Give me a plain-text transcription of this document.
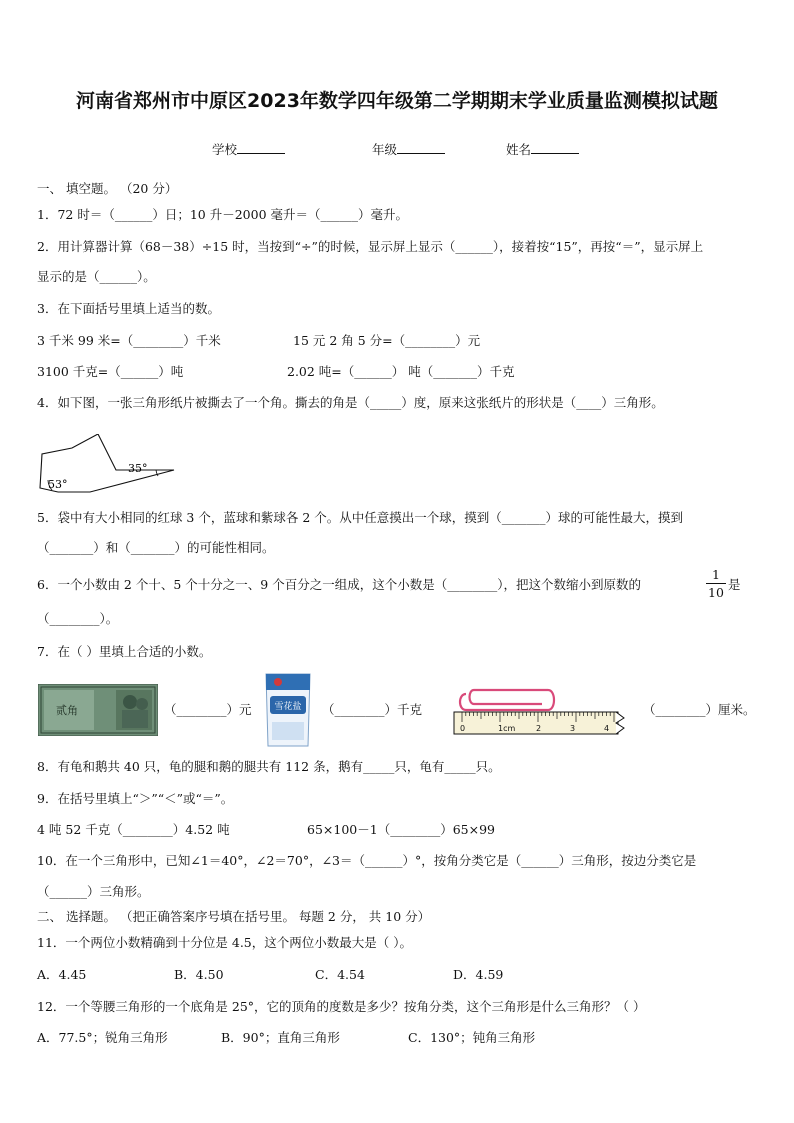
河南省郑州市中原区2023年数学四年级第二学期期末学业质量监测模拟试题
学校	年级	姓名
一、 填空题。 （20 分）
1．72 时＝（______）日；10 升－2000 毫升＝（______）毫升。
2．用计算器计算（68－38）÷15 时，当按到“÷”的时候，显示屏上显示（______），接着按“15”，再按“＝”，显示屏上
显示的是（______）。
3．在下面括号里填上适当的数。
3 千米 99 米=（________）千米	15 元 2 角 5 分=（________）元
3100 千克=（______）吨	2.02 吨=（______） 吨（_______）千克
4．如下图，一张三角形纸片被撕去了一个角。撕去的角是（_____）度，原来这张纸片的形状是（____）三角形。
53°
35°
5．袋中有大小相同的红球 3 个，蓝球和紫球各 2 个。从中任意摸出一个球，摸到（_______）球的可能性最大，摸到
（_______）和（_______）的可能性相同。
6．一个小数由 2 个十、5 个十分之一、9 个百分之一组成，这个小数是（________），把这个数缩小到原数的
1
10
是
（________）。
7．在（ ）里填上合适的小数。
贰角	（________）元	雪花盐 （________）千克
0	1cm	2	3	4
（________）厘米。
8．有龟和鹅共 40 只，龟的腿和鹅的腿共有 112 条，鹅有_____只，龟有_____只。
9．在括号里填上“＞”“＜”或“＝”。
4 吨 52 千克（________）4.52 吨	65×100－1（________）65×99
10．在一个三角形中，已知∠1＝40°，∠2＝70°，∠3＝（______）°，按角分类它是（______）三角形，按边分类它是
（______）三角形。
二、 选择题。 （把正确答案序号填在括号里。 每题 2 分， 共 10 分）
11．一个两位小数精确到十分位是 4.5，这个两位小数最大是（ ）。
A．4.45	B．4.50	C．4.54	D．4.59
12．一个等腰三角形的一个底角是 25°，它的顶角的度数是多少？按角分类，这个三角形是什么三角形？（ ）
A．77.5°；锐角三角形	B．90°；直角三角形	C．130°；钝角三角形
